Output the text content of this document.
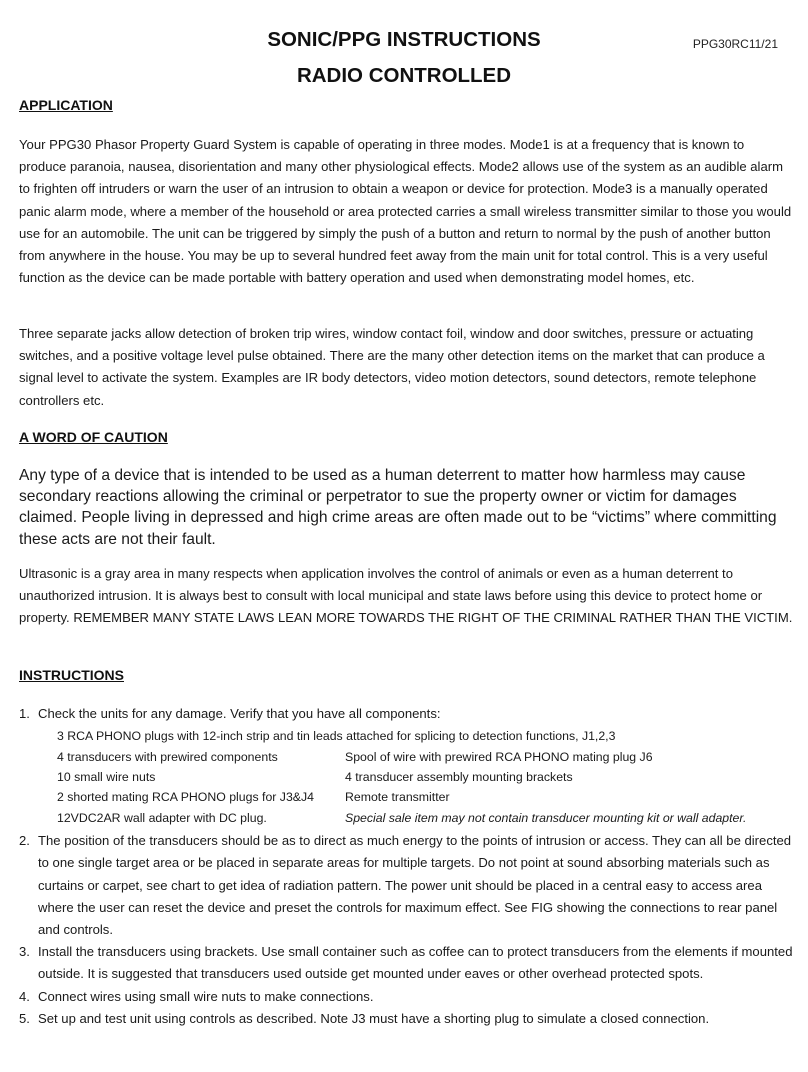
SONIC/PPG INSTRUCTIONS	PPG30RC11/21
RADIO CONTROLLED
APPLICATION
Your PPG30 Phasor Property Guard System is capable of operating in three modes. Mode1 is at a frequency that is known to produce paranoia, nausea, disorientation and many other physiological effects. Mode2 allows use of the system as an audible alarm to frighten off intruders or warn the user of an intrusion to obtain a weapon or device for protection. Mode3 is a manually operated panic alarm mode, where a member of the household or area protected carries a small wireless transmitter similar to those you would use for an automobile. The unit can be triggered by simply the push of a button and return to normal by the push of another button from anywhere in the house. You may be up to several hundred feet away from the main unit for total control. This is a very useful function as the device can be made portable with battery operation and used when demonstrating model homes, etc.
Three separate jacks allow detection of broken trip wires, window contact foil, window and door switches, pressure or actuating switches, and a positive voltage level pulse obtained. There are the many other detection items on the market that can produce a signal level to activate the system. Examples are IR body detectors, video motion detectors, sound detectors, remote telephone controllers etc.
A WORD OF CAUTION
Any type of a device that is intended to be used as a human deterrent to matter how harmless may cause secondary reactions allowing the criminal or perpetrator to sue the property owner or victim for damages claimed. People living in depressed and high crime areas are often made out to be “victims” where committing these acts are not their fault.
Ultrasonic is a gray area in many respects when application involves the control of animals or even as a human deterrent to unauthorized intrusion. It is always best to consult with local municipal and state laws before using this device to protect home or property. REMEMBER MANY STATE LAWS LEAN MORE TOWARDS THE RIGHT OF THE CRIMINAL RATHER THAN THE VICTIM.
INSTRUCTIONS
1. Check the units for any damage. Verify that you have all components:
3 RCA PHONO plugs with 12-inch strip and tin leads attached for splicing to detection functions, J1,2,3
4 transducers with prewired components	Spool of wire with prewired RCA PHONO mating plug J6
10 small wire nuts	4 transducer assembly mounting brackets
2 shorted mating RCA PHONO plugs for J3&J4	Remote transmitter
12VDC2AR wall adapter with DC plug.	Special sale item may not contain transducer mounting kit or wall adapter.
2. The position of the transducers should be as to direct as much energy to the points of intrusion or access. They can all be directed to one single target area or be placed in separate areas for multiple targets. Do not point at sound absorbing materials such as curtains or carpet, see chart to get idea of radiation pattern. The power unit should be placed in a central easy to access area where the user can reset the device and preset the controls for maximum effect. See FIG showing the connections to rear panel and controls.
3. Install the transducers using brackets. Use small container such as coffee can to protect transducers from the elements if mounted outside. It is suggested that transducers used outside get mounted under eaves or other overhead protected spots.
4. Connect wires using small wire nuts to make connections.
5. Set up and test unit using controls as described. Note J3 must have a shorting plug to simulate a closed connection.
